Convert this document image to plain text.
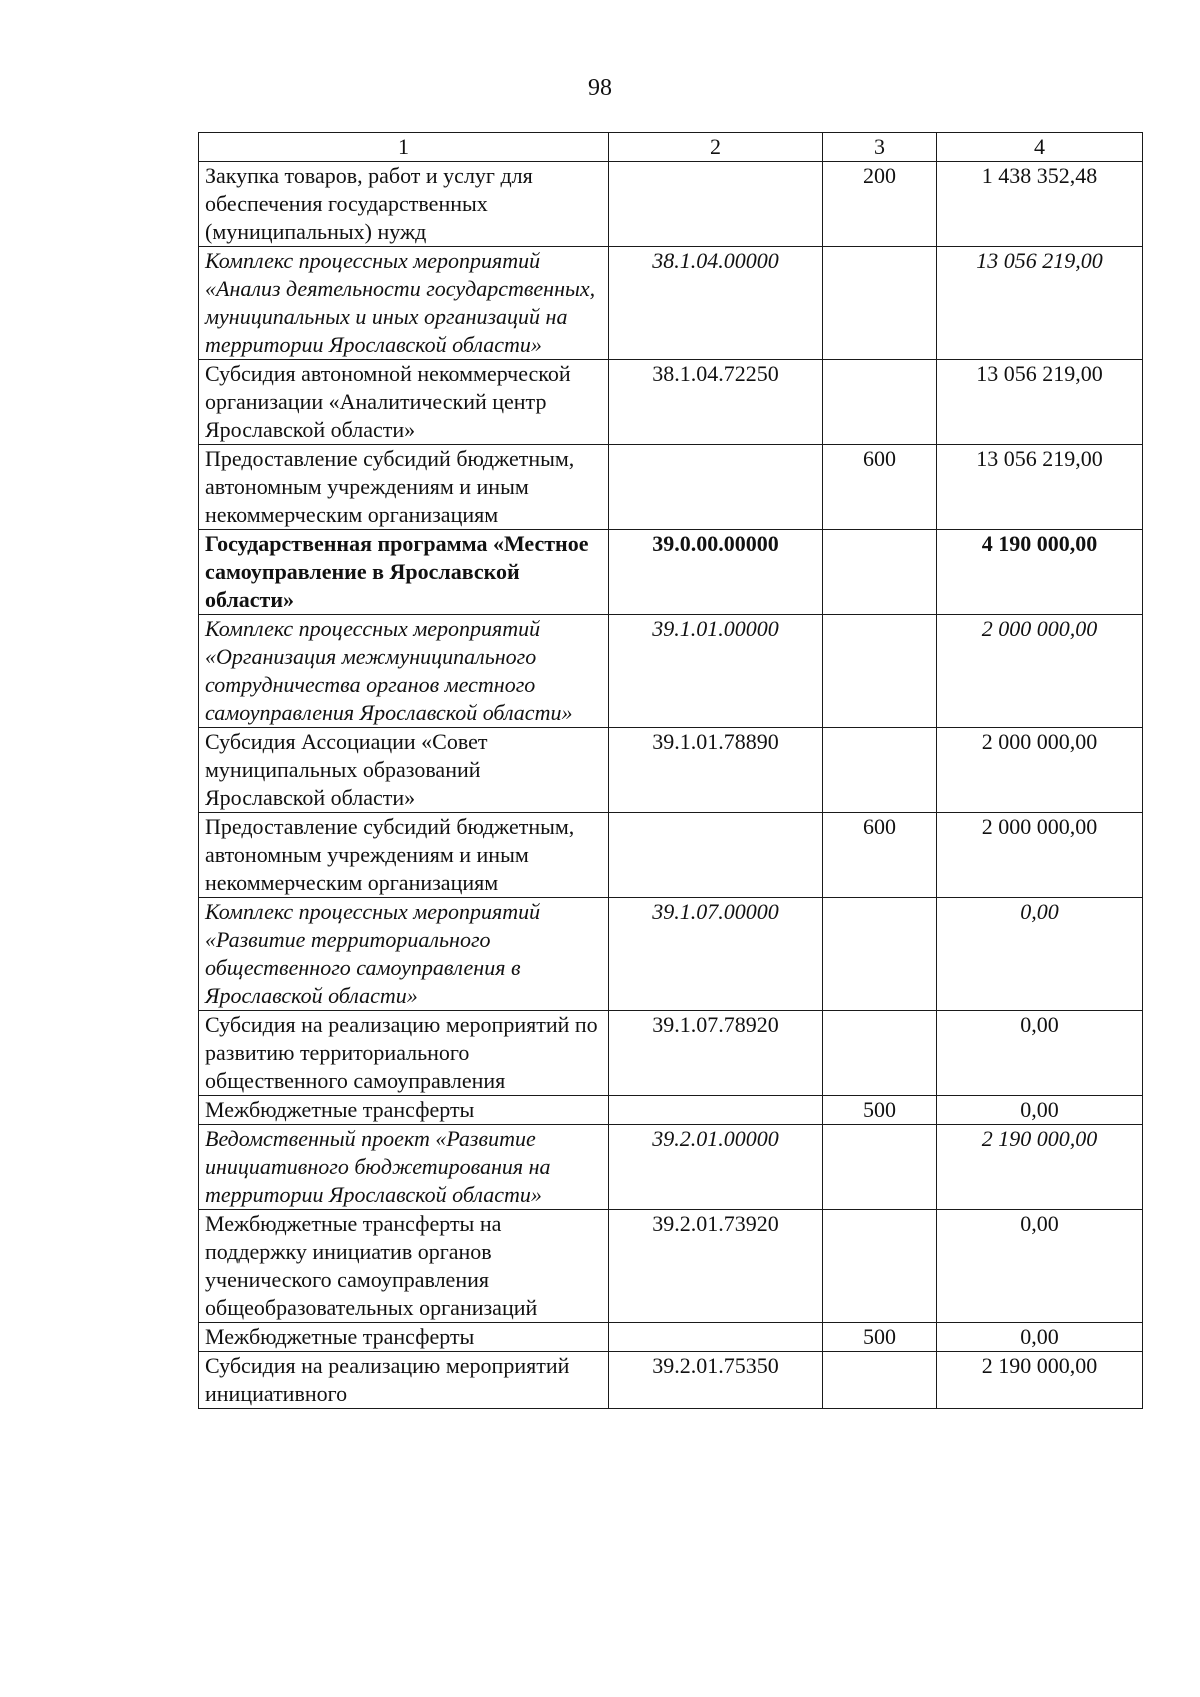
98
1	2	3	4
Закупка товаров, работ и услуг для обеспечения государственных (муниципальных) нужд		200	1 438 352,48
Комплекс процессных мероприятий «Анализ деятельности государственных, муниципальных и иных организаций на территории Ярославской области»	38.1.04.00000		13 056 219,00
Субсидия автономной некоммерческой организации «Аналитический центр Ярославской области»	38.1.04.72250		13 056 219,00
Предоставление субсидий бюджетным, автономным учреждениям и иным некоммерческим организациям		600	13 056 219,00
Государственная программа «Местное самоуправление в Ярославской области»	39.0.00.00000		4 190 000,00
Комплекс процессных мероприятий «Организация межмуниципального сотрудничества органов местного самоуправления Ярославской области»	39.1.01.00000		2 000 000,00
Субсидия Ассоциации «Совет муниципальных образований Ярославской области»	39.1.01.78890		2 000 000,00
Предоставление субсидий бюджетным, автономным учреждениям и иным некоммерческим организациям		600	2 000 000,00
Комплекс процессных мероприятий «Развитие территориального общественного самоуправления в Ярославской области»	39.1.07.00000		0,00
Субсидия на реализацию мероприятий по развитию территориального общественного самоуправления	39.1.07.78920		0,00
Межбюджетные трансферты		500	0,00
Ведомственный проект «Развитие инициативного бюджетирования на территории Ярославской области»	39.2.01.00000		2 190 000,00
Межбюджетные трансферты на поддержку инициатив органов ученического самоуправления общеобразовательных организаций	39.2.01.73920		0,00
Межбюджетные трансферты		500	0,00
Субсидия на реализацию мероприятий инициативного	39.2.01.75350		2 190 000,00
